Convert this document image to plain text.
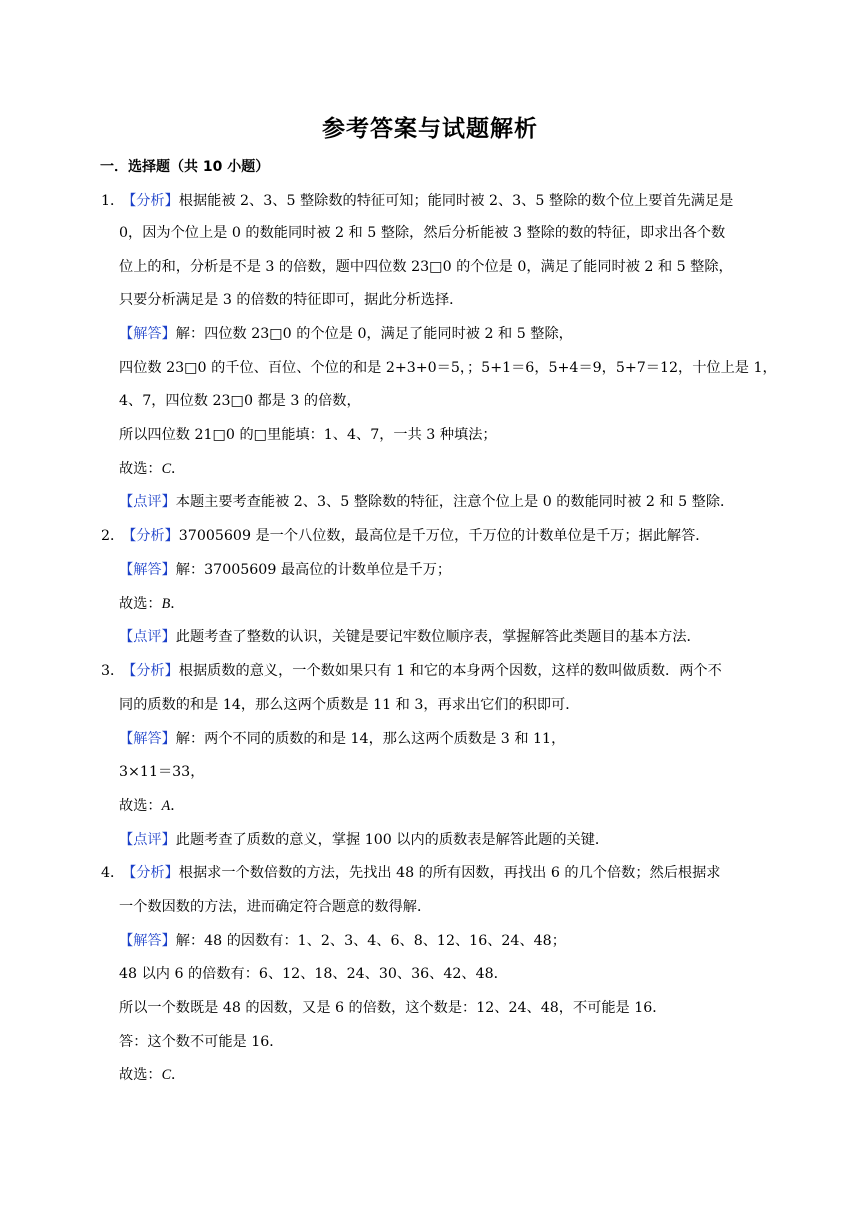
参考答案与试题解析
一．选择题（共 10 小题）
1．
【分析】根据能被 2、3、5 整除数的特征可知；能同时被 2、3、5 整除的数个位上要首先满足是
0，因为个位上是 0 的数能同时被 2 和 5 整除，然后分析能被 3 整除的数的特征，即求出各个数
位上的和，分析是不是 3 的倍数，题中四位数 23□0 的个位是 0，满足了能同时被 2 和 5 整除，
只要分析满足是 3 的倍数的特征即可，据此分析选择．
【解答】解：四位数 23□0 的个位是 0，满足了能同时被 2 和 5 整除，
四位数 23□0 的千位、百位、个位的和是 2+3+0＝5，；5+1＝6，5+4＝9，5+7＝12，十位上是 1，
4、7，四位数 23□0 都是 3 的倍数，
所以四位数 21□0 的□里能填：1、4、7，一共 3 种填法；
故选：C．
【点评】本题主要考查能被 2、3、5 整除数的特征，注意个位上是 0 的数能同时被 2 和 5 整除．
2．
【分析】37005609 是一个八位数，最高位是千万位，千万位的计数单位是千万；据此解答．
【解答】解：37005609 最高位的计数单位是千万；
故选：B．
【点评】此题考查了整数的认识，关键是要记牢数位顺序表，掌握解答此类题目的基本方法．
3．
【分析】根据质数的意义，一个数如果只有 1 和它的本身两个因数，这样的数叫做质数．两个不
同的质数的和是 14，那么这两个质数是 11 和 3，再求出它们的积即可．
【解答】解：两个不同的质数的和是 14，那么这两个质数是 3 和 11，
3×11＝33，
故选：A．
【点评】此题考查了质数的意义，掌握 100 以内的质数表是解答此题的关键．
4．
【分析】根据求一个数倍数的方法，先找出 48 的所有因数，再找出 6 的几个倍数；然后根据求
一个数因数的方法，进而确定符合题意的数得解．
【解答】解：48 的因数有：1、2、3、4、6、8、12、16、24、48；
48 以内 6 的倍数有：6、12、18、24、30、36、42、48．
所以一个数既是 48 的因数，又是 6 的倍数，这个数是：12、24、48，不可能是 16．
答：这个数不可能是 16．
故选：C．
